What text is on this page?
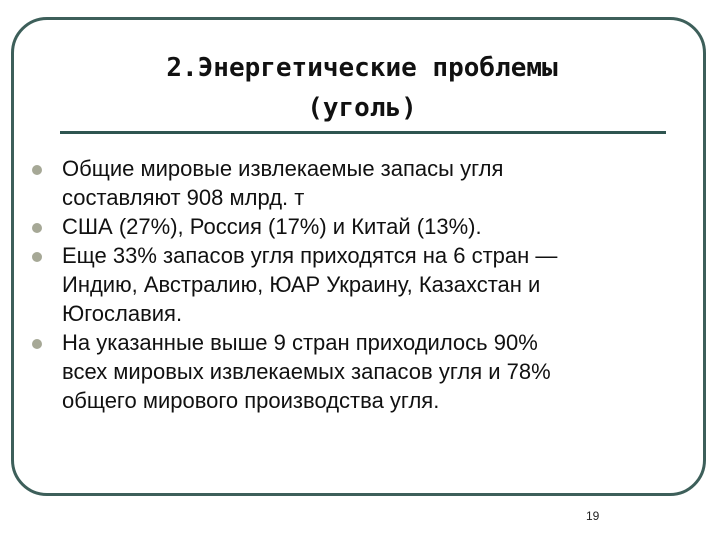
2.Энергетические проблемы
(уголь)
Общие мировые извлекаемые запасы угля
составляют 908 млрд. т
США (27%), Россия (17%) и Китай (13%).
Еще 33% запасов угля приходятся на 6 стран —
Индию, Австралию, ЮАР Украину, Казахстан и
Югославия.
На указанные выше 9 стран приходилось 90%
всех мировых извлекаемых запасов угля и 78%
общего мирового производства угля.
19
